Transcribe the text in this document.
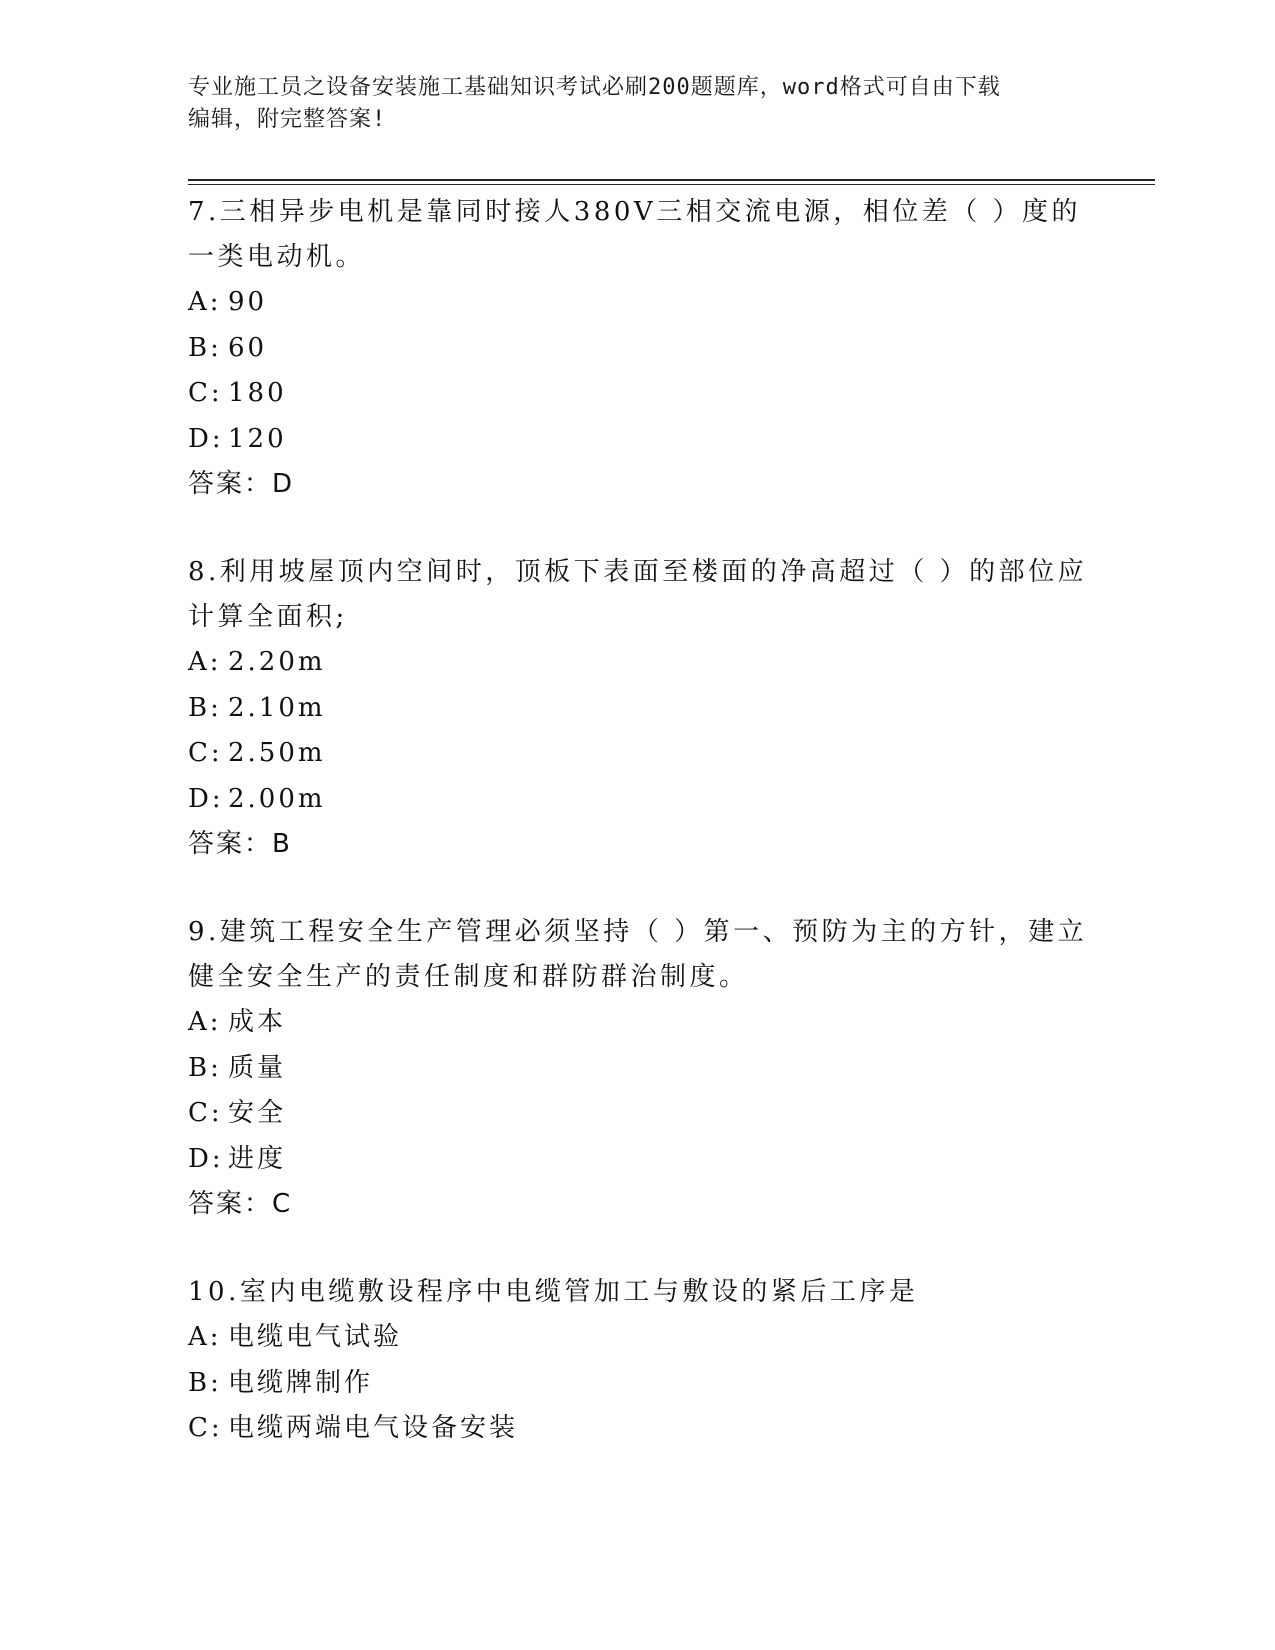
专业施工员之设备安装施工基础知识考试必刷200题题库，word格式可自由下载
编辑，附完整答案!
7.三相异步电机是靠同时接人380V三相交流电源，相位差（ ）度的
一类电动机。
A: 90
B: 60
C: 180
D: 120
答案：D
8.利用坡屋顶内空间时，顶板下表面至楼面的净高超过（ ）的部位应
计算全面积;
A: 2.20m
B: 2.10m
C: 2.50m
D: 2.00m
答案：B
9.建筑工程安全生产管理必须坚持（ ）第一、预防为主的方针，建立
健全安全生产的责任制度和群防群治制度。
A: 成本
B: 质量
C: 安全
D: 进度
答案：C
10.室内电缆敷设程序中电缆管加工与敷设的紧后工序是
A: 电缆电气试验
B: 电缆牌制作
C: 电缆两端电气设备安装
